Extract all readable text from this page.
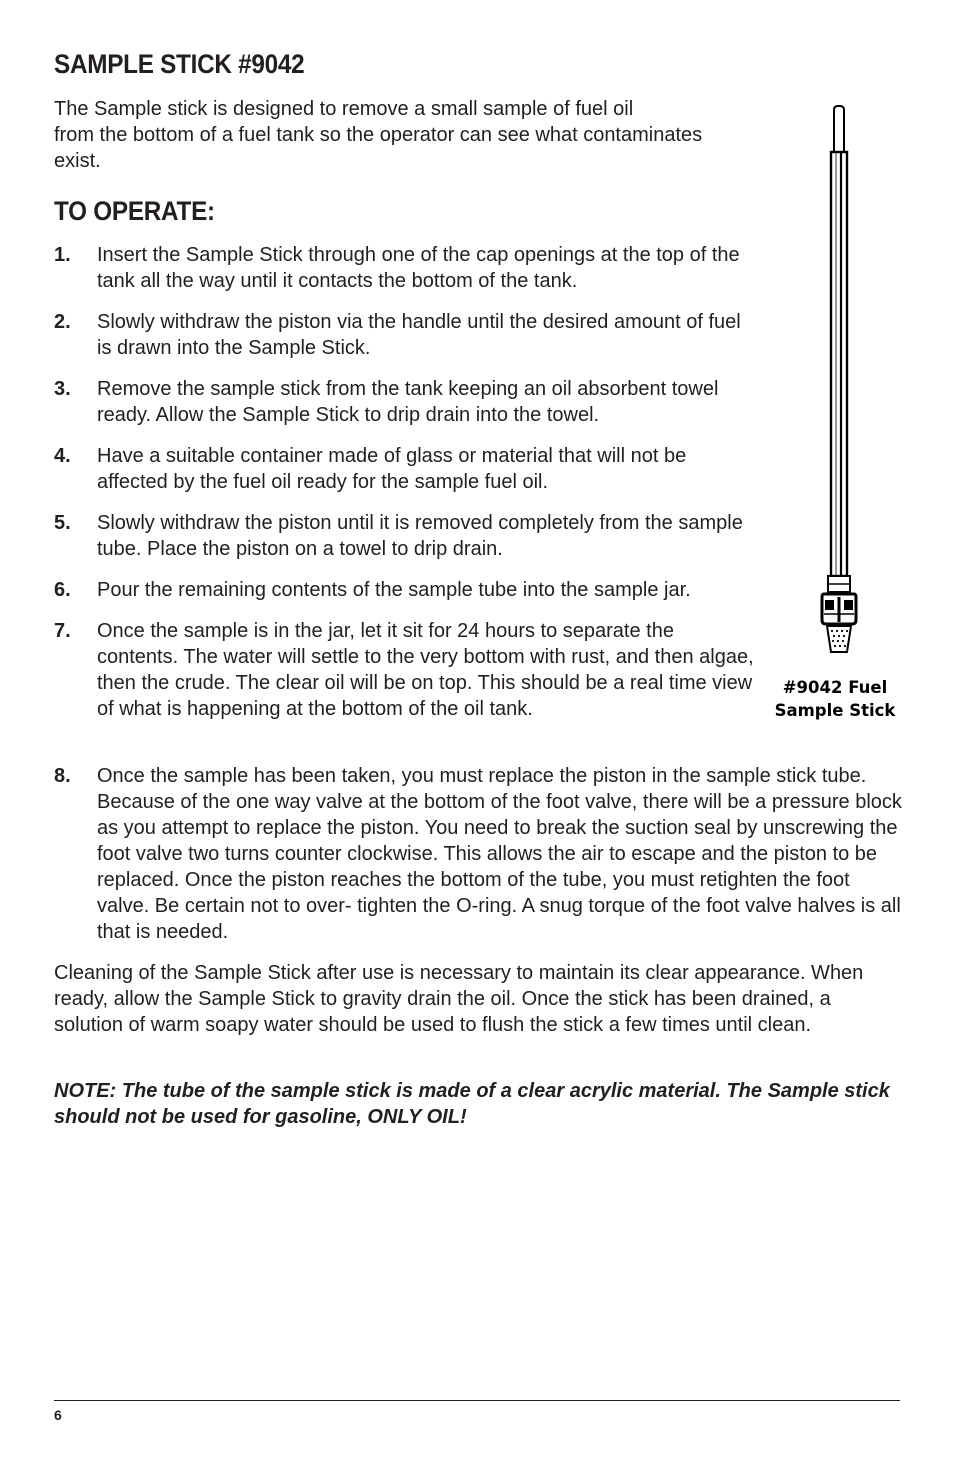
SAMPLE STICK #9042

The Sample stick is designed to remove a small sample of fuel oil
from the bottom of a fuel tank so the operator can see what contaminates
exist.

TO OPERATE:
1. Insert the Sample Stick through one of the cap openings at the top of the tank all the way until it contacts the bottom of the tank.
2. Slowly withdraw the piston via the handle until the desired amount of fuel is drawn into the Sample Stick.
3. Remove the sample stick from the tank keeping an oil absorbent towel ready. Allow the Sample Stick to drip drain into the towel.
4. Have a suitable container made of glass or material that will not be affected by the fuel oil ready for the sample fuel oil.
5. Slowly withdraw the piston until it is removed completely from the sample tube. Place the piston on a towel to drip drain.
6. Pour the remaining contents of the sample tube into the sample jar.
7. Once the sample is in the jar, let it sit for 24 hours to separate the contents. The water will settle to the very bottom with rust, and then algae, then the crude. The clear oil will be on top. This should be a real time view of what is happening at the bottom of the oil tank.
8. Once the sample has been taken, you must replace the piston in the sample stick tube. Because of the one way valve at the bottom of the foot valve, there will be a pressure block as you attempt to replace the piston. You need to break the suction seal by unscrewing the foot valve two turns counter clockwise. This allows the air to escape and the piston to be replaced. Once the piston reaches the bottom of the tube, you must retighten the foot valve. Be certain not to over- tighten the O-ring. A snug torque of the foot valve halves is all that is needed.

Cleaning of the Sample Stick after use is necessary to maintain its clear appearance. When ready, allow the Sample Stick to gravity drain the oil. Once the stick has been drained, a solution of warm soapy water should be used to flush the stick a few times until clean.

NOTE: The tube of the sample stick is made of a clear acrylic material. The Sample stick should not be used for gasoline, ONLY OIL!

#9042 Fuel
Sample Stick
6
